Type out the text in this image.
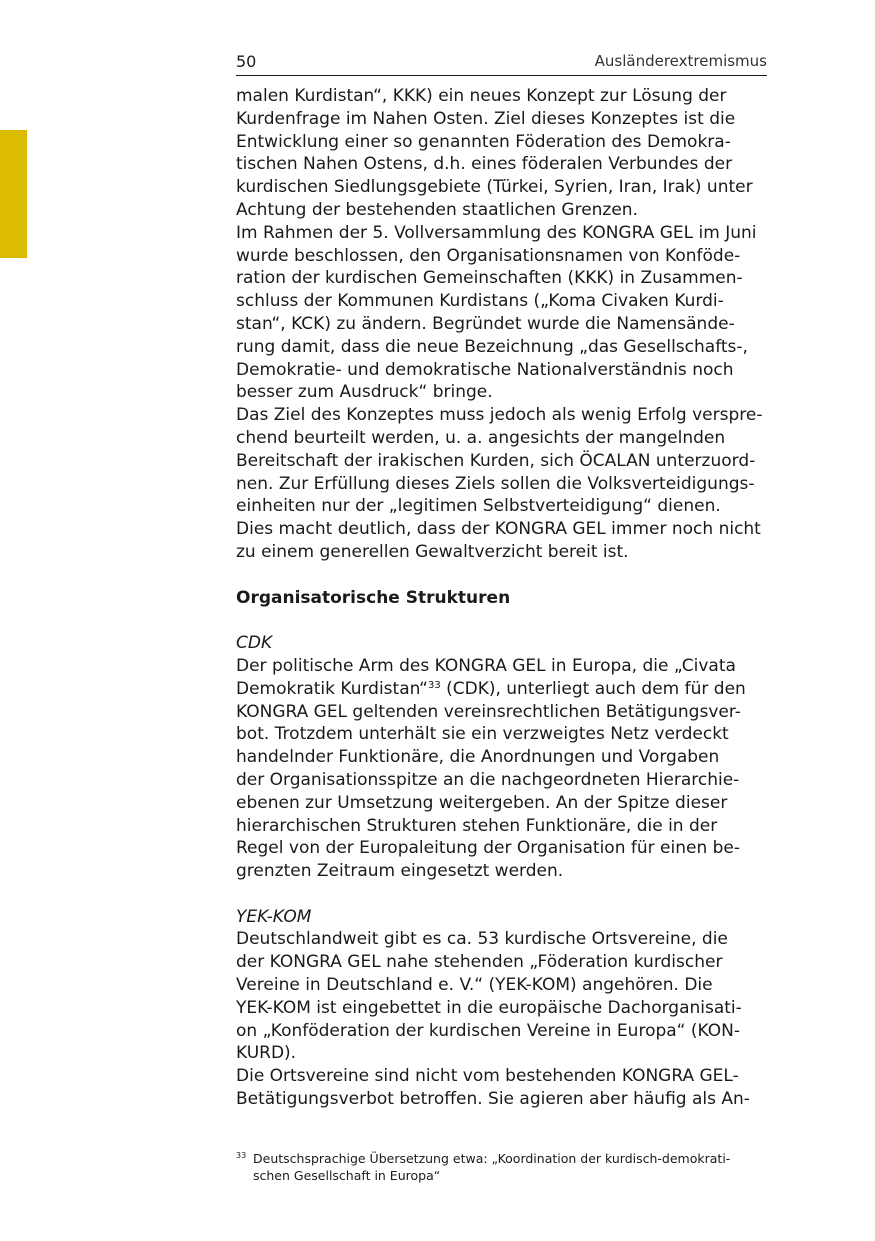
50	Ausländerextremismus
malen Kurdistan“, KKK) ein neues Konzept zur Lösung der
Kurdenfrage im Nahen Osten. Ziel dieses Konzeptes ist die
Entwicklung einer so genannten Föderation des Demokra-
tischen Nahen Ostens, d.h. eines föderalen Verbundes der
kurdischen Siedlungsgebiete (Türkei, Syrien, Iran, Irak) unter
Achtung der bestehenden staatlichen Grenzen.
Im Rahmen der 5. Vollversammlung des KONGRA GEL im Juni
wurde beschlossen, den Organisationsnamen von Konföde-
ration der kurdischen Gemeinschaften (KKK) in Zusammen-
schluss der Kommunen Kurdistans („Koma Civaken Kurdi-
stan“, KCK) zu ändern. Begründet wurde die Namensände-
rung damit, dass die neue Bezeichnung „das Gesellschafts-,
Demokratie- und demokratische Nationalverständnis noch
besser zum Ausdruck“ bringe.
Das Ziel des Konzeptes muss jedoch als wenig Erfolg verspre-
chend beurteilt werden, u. a. angesichts der mangelnden
Bereitschaft der irakischen Kurden, sich ÖCALAN unterzuord-
nen. Zur Erfüllung dieses Ziels sollen die Volksverteidigungs-
einheiten nur der „legitimen Selbstverteidigung“ dienen.
Dies macht deutlich, dass der KONGRA GEL immer noch nicht
zu einem generellen Gewaltverzicht bereit ist.
Organisatorische Strukturen
CDK
Der politische Arm des KONGRA GEL in Europa, die „Civata
Demokratik Kurdistan“$^{33}$ (CDK), unterliegt auch dem für den
KONGRA GEL geltenden vereinsrechtlichen Betätigungsver-
bot. Trotzdem unterhält sie ein verzweigtes Netz verdeckt
handelnder Funktionäre, die Anordnungen und Vorgaben
der Organisationsspitze an die nachgeordneten Hierarchie-
ebenen zur Umsetzung weitergeben. An der Spitze dieser
hierarchischen Strukturen stehen Funktionäre, die in der
Regel von der Europaleitung der Organisation für einen be-
grenzten Zeitraum eingesetzt werden.
YEK-KOM
Deutschlandweit gibt es ca. 53 kurdische Ortsvereine, die
der KONGRA GEL nahe stehenden „Föderation kurdischer
Vereine in Deutschland e. V.“ (YEK-KOM) angehören. Die
YEK-KOM ist eingebettet in die europäische Dachorganisati-
on „Konföderation der kurdischen Vereine in Europa“ (KON-
KURD).
Die Ortsvereine sind nicht vom bestehenden KONGRA GEL-
Betätigungsverbot betroffen. Sie agieren aber häufig als An-
33 Deutschsprachige Übersetzung etwa: „Koordination der kurdisch-demokrati-
schen Gesellschaft in Europa“
